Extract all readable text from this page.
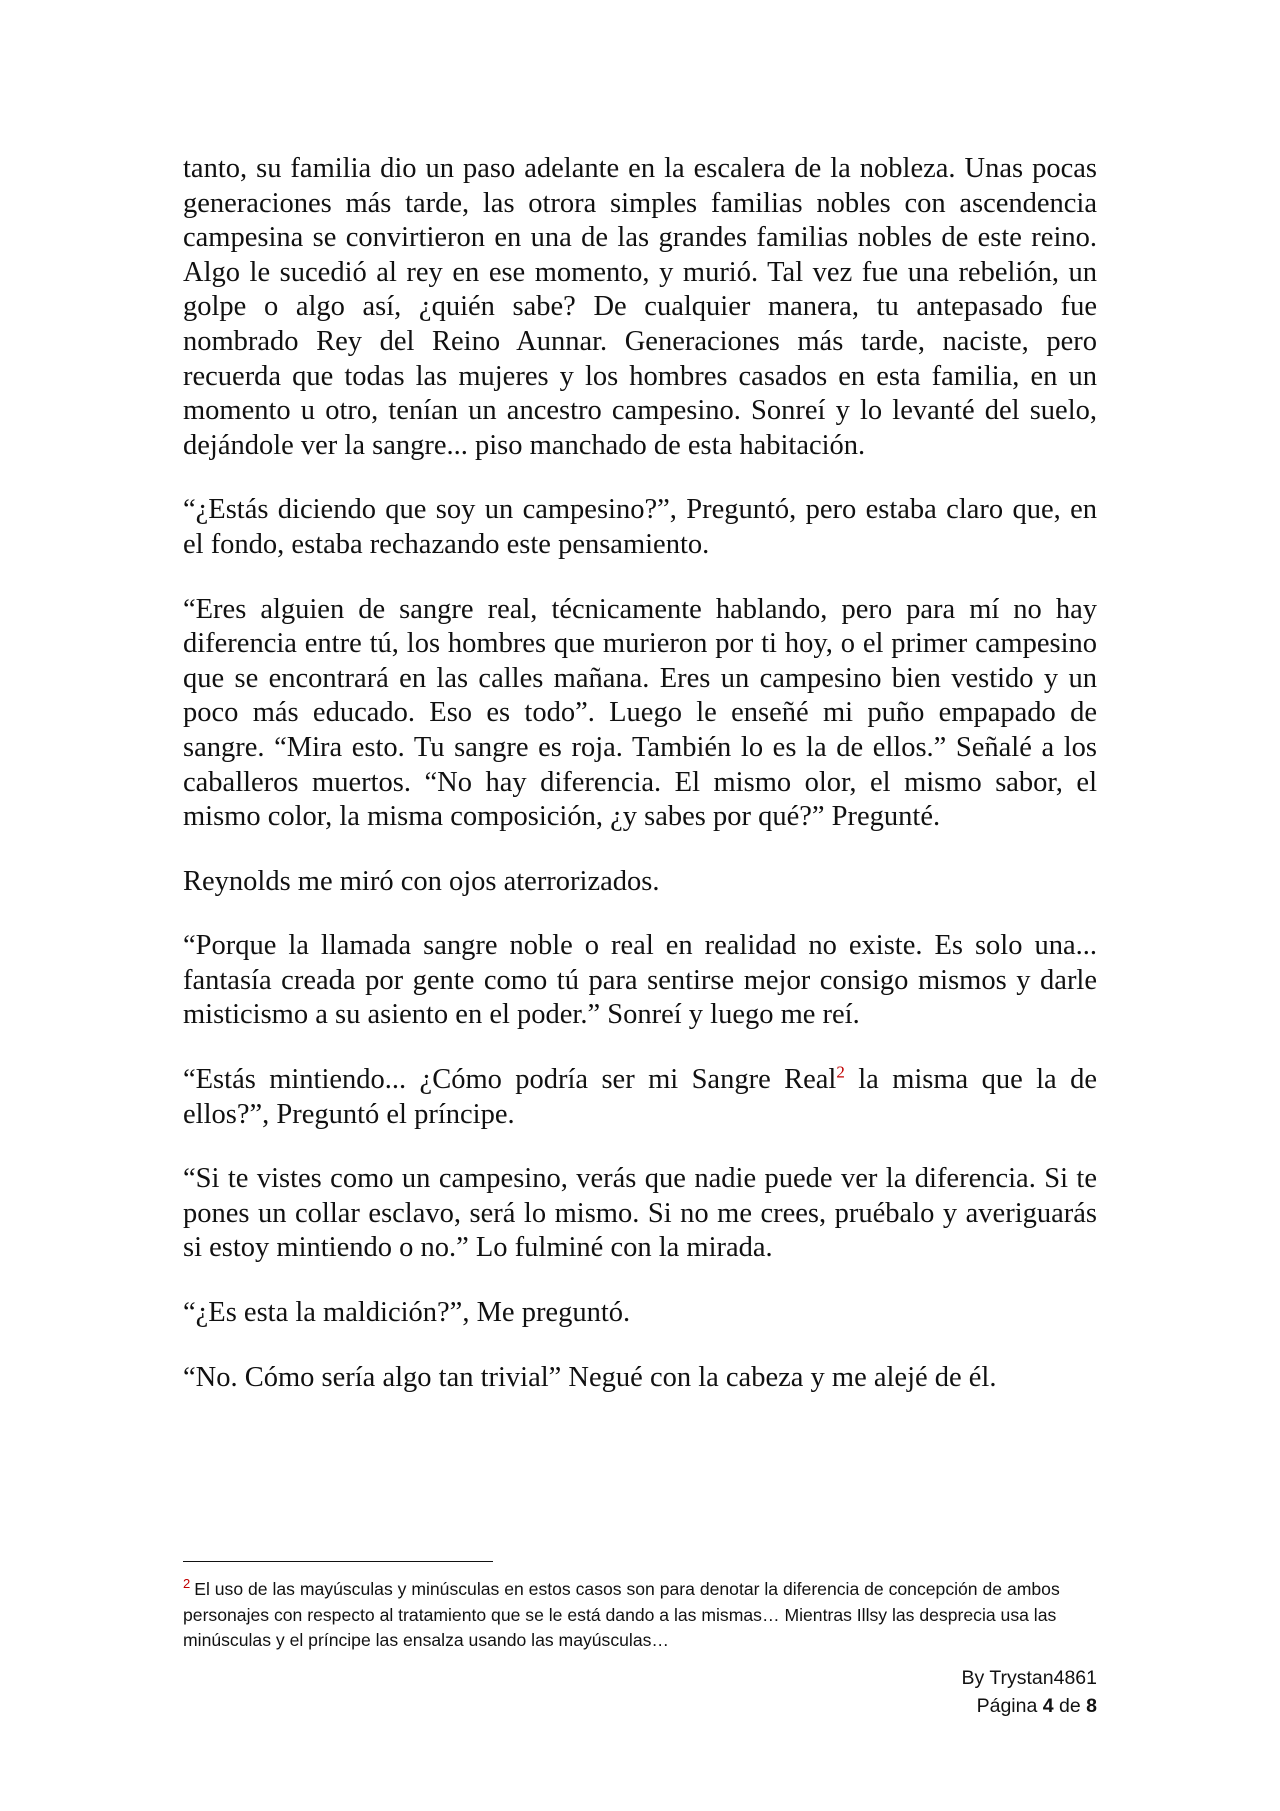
tanto, su familia dio un paso adelante en la escalera de la nobleza. Unas pocas generaciones más tarde, las otrora simples familias nobles con ascendencia campesina se convirtieron en una de las grandes familias nobles de este reino. Algo le sucedió al rey en ese momento, y murió. Tal vez fue una rebelión, un golpe o algo así, ¿quién sabe? De cualquier manera, tu antepasado fue nombrado Rey del Reino Aunnar. Generaciones más tarde, naciste, pero recuerda que todas las mujeres y los hombres casados en esta familia, en un momento u otro, tenían un ancestro campesino. Sonreí y lo levanté del suelo, dejándole ver la sangre... piso manchado de esta habitación.

“¿Estás diciendo que soy un campesino?”, Preguntó, pero estaba claro que, en el fondo, estaba rechazando este pensamiento.

“Eres alguien de sangre real, técnicamente hablando, pero para mí no hay diferencia entre tú, los hombres que murieron por ti hoy, o el primer campesino que se encontrará en las calles mañana. Eres un campesino bien vestido y un poco más educado. Eso es todo”. Luego le enseñé mi puño empapado de sangre. “Mira esto. Tu sangre es roja. También lo es la de ellos.” Señalé a los caballeros muertos. “No hay diferencia. El mismo olor, el mismo sabor, el mismo color, la misma composición, ¿y sabes por qué?” Pregunté.

Reynolds me miró con ojos aterrorizados.

“Porque la llamada sangre noble o real en realidad no existe. Es solo una... fantasía creada por gente como tú para sentirse mejor consigo mismos y darle misticismo a su asiento en el poder.” Sonreí y luego me reí.

“Estás mintiendo... ¿Cómo podría ser mi Sangre Real$^2$ la misma que la de ellos?”, Preguntó el príncipe.

“Si te vistes como un campesino, verás que nadie puede ver la diferencia. Si te pones un collar esclavo, será lo mismo. Si no me crees, pruébalo y averiguarás si estoy mintiendo o no.” Lo fulminé con la mirada.

“¿Es esta la maldición?”, Me preguntó.

“No. Cómo sería algo tan trivial” Negué con la cabeza y me alejé de él.

$^2$ El uso de las mayúsculas y minúsculas en estos casos son para denotar la diferencia de concepción de ambos personajes con respecto al tratamiento que se le está dando a las mismas… Mientras Illsy las desprecia usa las minúsculas y el príncipe las ensalza usando las mayúsculas…
By Trystan4861
Página 4 de 8
